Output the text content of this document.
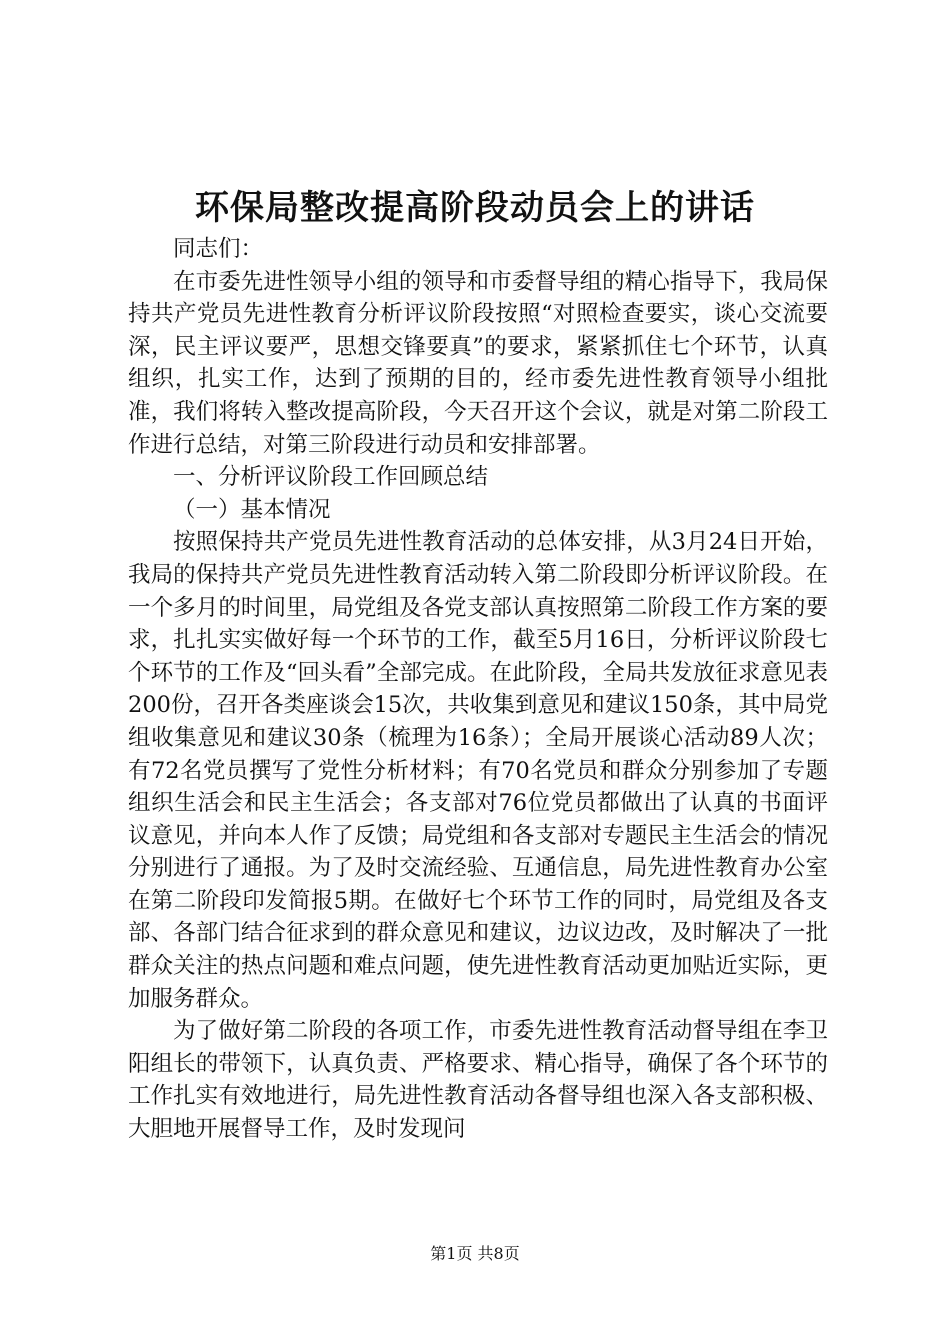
环保局整改提高阶段动员会上的讲话

同志们：

在市委先进性领导小组的领导和市委督导组的精心指导下，我局保持共产党员先进性教育分析评议阶段按照“对照检查要实，谈心交流要深，民主评议要严，思想交锋要真”的要求，紧紧抓住七个环节，认真组织，扎实工作，达到了预期的目的，经市委先进性教育领导小组批准，我们将转入整改提高阶段，今天召开这个会议，就是对第二阶段工作进行总结，对第三阶段进行动员和安排部署。

一、分析评议阶段工作回顾总结

（一）基本情况

按照保持共产党员先进性教育活动的总体安排，从3月24日开始，我局的保持共产党员先进性教育活动转入第二阶段即分析评议阶段。在一个多月的时间里，局党组及各党支部认真按照第二阶段工作方案的要求，扎扎实实做好每一个环节的工作，截至5月16日，分析评议阶段七个环节的工作及“回头看”全部完成。在此阶段，全局共发放征求意见表200份，召开各类座谈会15次，共收集到意见和建议150条，其中局党组收集意见和建议30条（梳理为16条）；全局开展谈心活动89人次；有72名党员撰写了党性分析材料；有70名党员和群众分别参加了专题组织生活会和民主生活会；各支部对76位党员都做出了认真的书面评议意见，并向本人作了反馈；局党组和各支部对专题民主生活会的情况分别进行了通报。为了及时交流经验、互通信息，局先进性教育办公室在第二阶段印发简报5期。在做好七个环节工作的同时，局党组及各支部、各部门结合征求到的群众意见和建议，边议边改，及时解决了一批群众关注的热点问题和难点问题，使先进性教育活动更加贴近实际，更加服务群众。

为了做好第二阶段的各项工作，市委先进性教育活动督导组在李卫阳组长的带领下，认真负责、严格要求、精心指导，确保了各个环节的工作扎实有效地进行，局先进性教育活动各督导组也深入各支部积极、大胆地开展督导工作，及时发现问

第1页 共8页
